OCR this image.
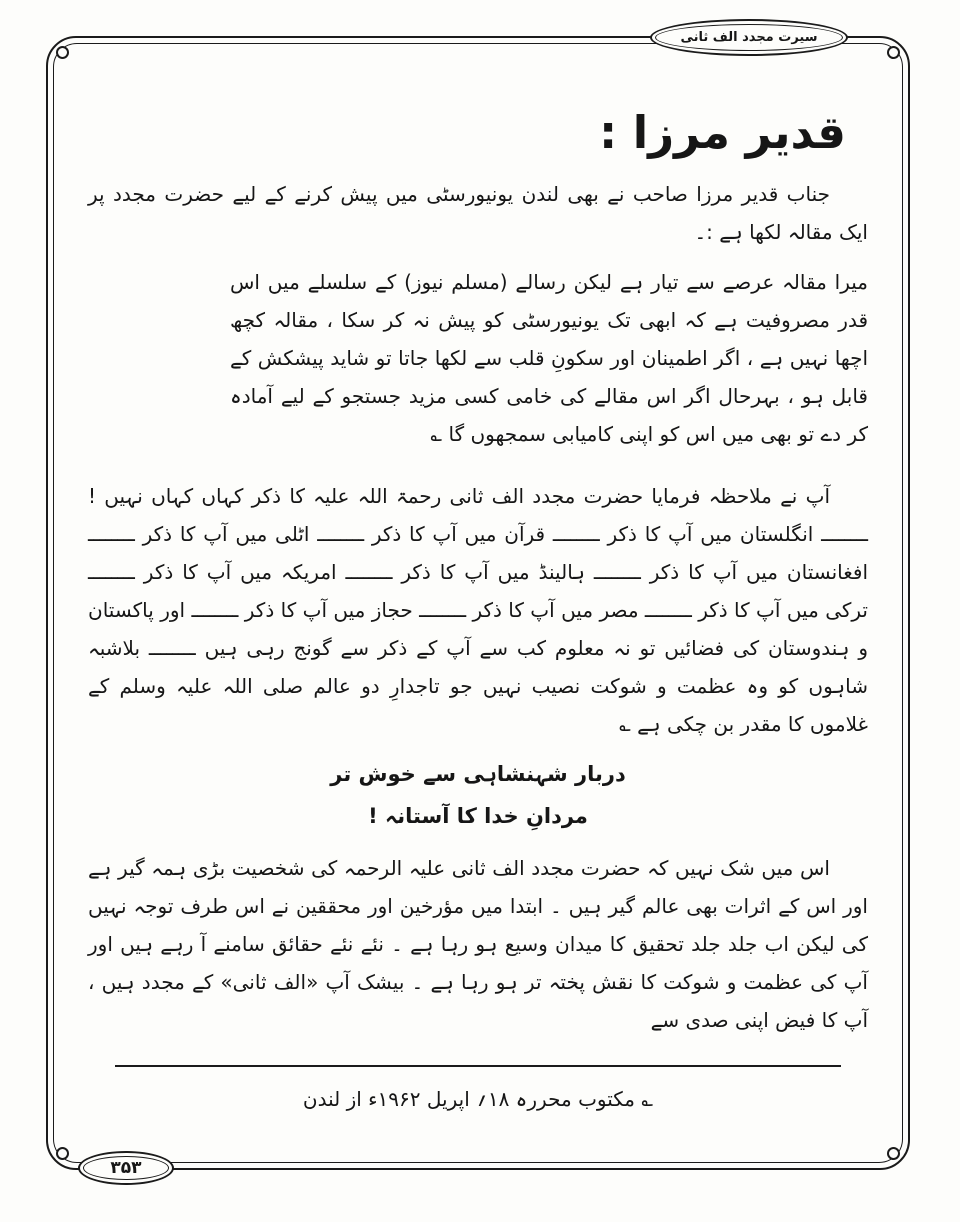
قدیر مرزا :

جناب قدیر مرزا صاحب نے بھی لندن یونیورسٹی میں پیش کرنے کے لیے حضرت مجدد پر ایک مقالہ لکھا ہے :۔

میرا مقالہ عرصے سے تیار ہے لیکن رسالے (مسلم نیوز) کے سلسلے میں اس قدر مصروفیت ہے کہ ابھی تک یونیورسٹی کو پیش نہ کر سکا ، مقالہ کچھ اچھا نہیں ہے ، اگر اطمینان اور سکونِ قلب سے لکھا جاتا تو شاید پیشکش کے قابل ہو ، بہرحال اگر اس مقالے کی خامی کسی مزید جستجو کے لیے آمادہ کر دے تو بھی میں اس کو اپنی کامیابی سمجھوں گا ؎

آپ نے ملاحظہ فرمایا حضرت مجدد الف ثانی رحمۃ اللہ علیہ کا ذکر کہاں کہاں نہیں ! ــــــــ انگلستان میں آپ کا ذکر ــــــــ قرآن میں آپ کا ذکر ــــــــ اٹلی میں آپ کا ذکر ــــــــ افغانستان میں آپ کا ذکر ــــــــ ہالینڈ میں آپ کا ذکر ــــــــ امریکہ میں آپ کا ذکر ــــــــ ترکی میں آپ کا ذکر ــــــــ مصر میں آپ کا ذکر ــــــــ حجاز میں آپ کا ذکر ــــــــ اور پاکستان و ہندوستان کی فضائیں تو نہ معلوم کب سے آپ کے ذکر سے گونج رہی ہیں ــــــــ بلاشبہ شاہوں کو وہ عظمت و شوکت نصیب نہیں جو تاجدارِ دو عالم صلی اللہ علیہ وسلم کے غلاموں کا مقدر بن چکی ہے ؎

دربار شہنشاہی سے خوش تر
مردانِ خدا کا آستانہ !

اس میں شک نہیں کہ حضرت مجدد الف ثانی علیہ الرحمہ کی شخصیت بڑی ہمہ گیر ہے اور اس کے اثرات بھی عالم گیر ہیں ۔ ابتدا میں مؤرخین اور محققین نے اس طرف توجہ نہیں کی لیکن اب جلد جلد تحقیق کا میدان وسیع ہو رہا ہے ۔ نئے نئے حقائق سامنے آ رہے ہیں اور آپ کی عظمت و شوکت کا نقش پختہ تر ہو رہا ہے ۔ بیشک آپ «الف ثانی» کے مجدد ہیں ، آپ کا فیض اپنی صدی سے

؎ مکتوب محررہ ۱۸؍ اپریل ۱۹۶۲ء از لندن
سیرت مجدد الف ثانی
۳۵۳
